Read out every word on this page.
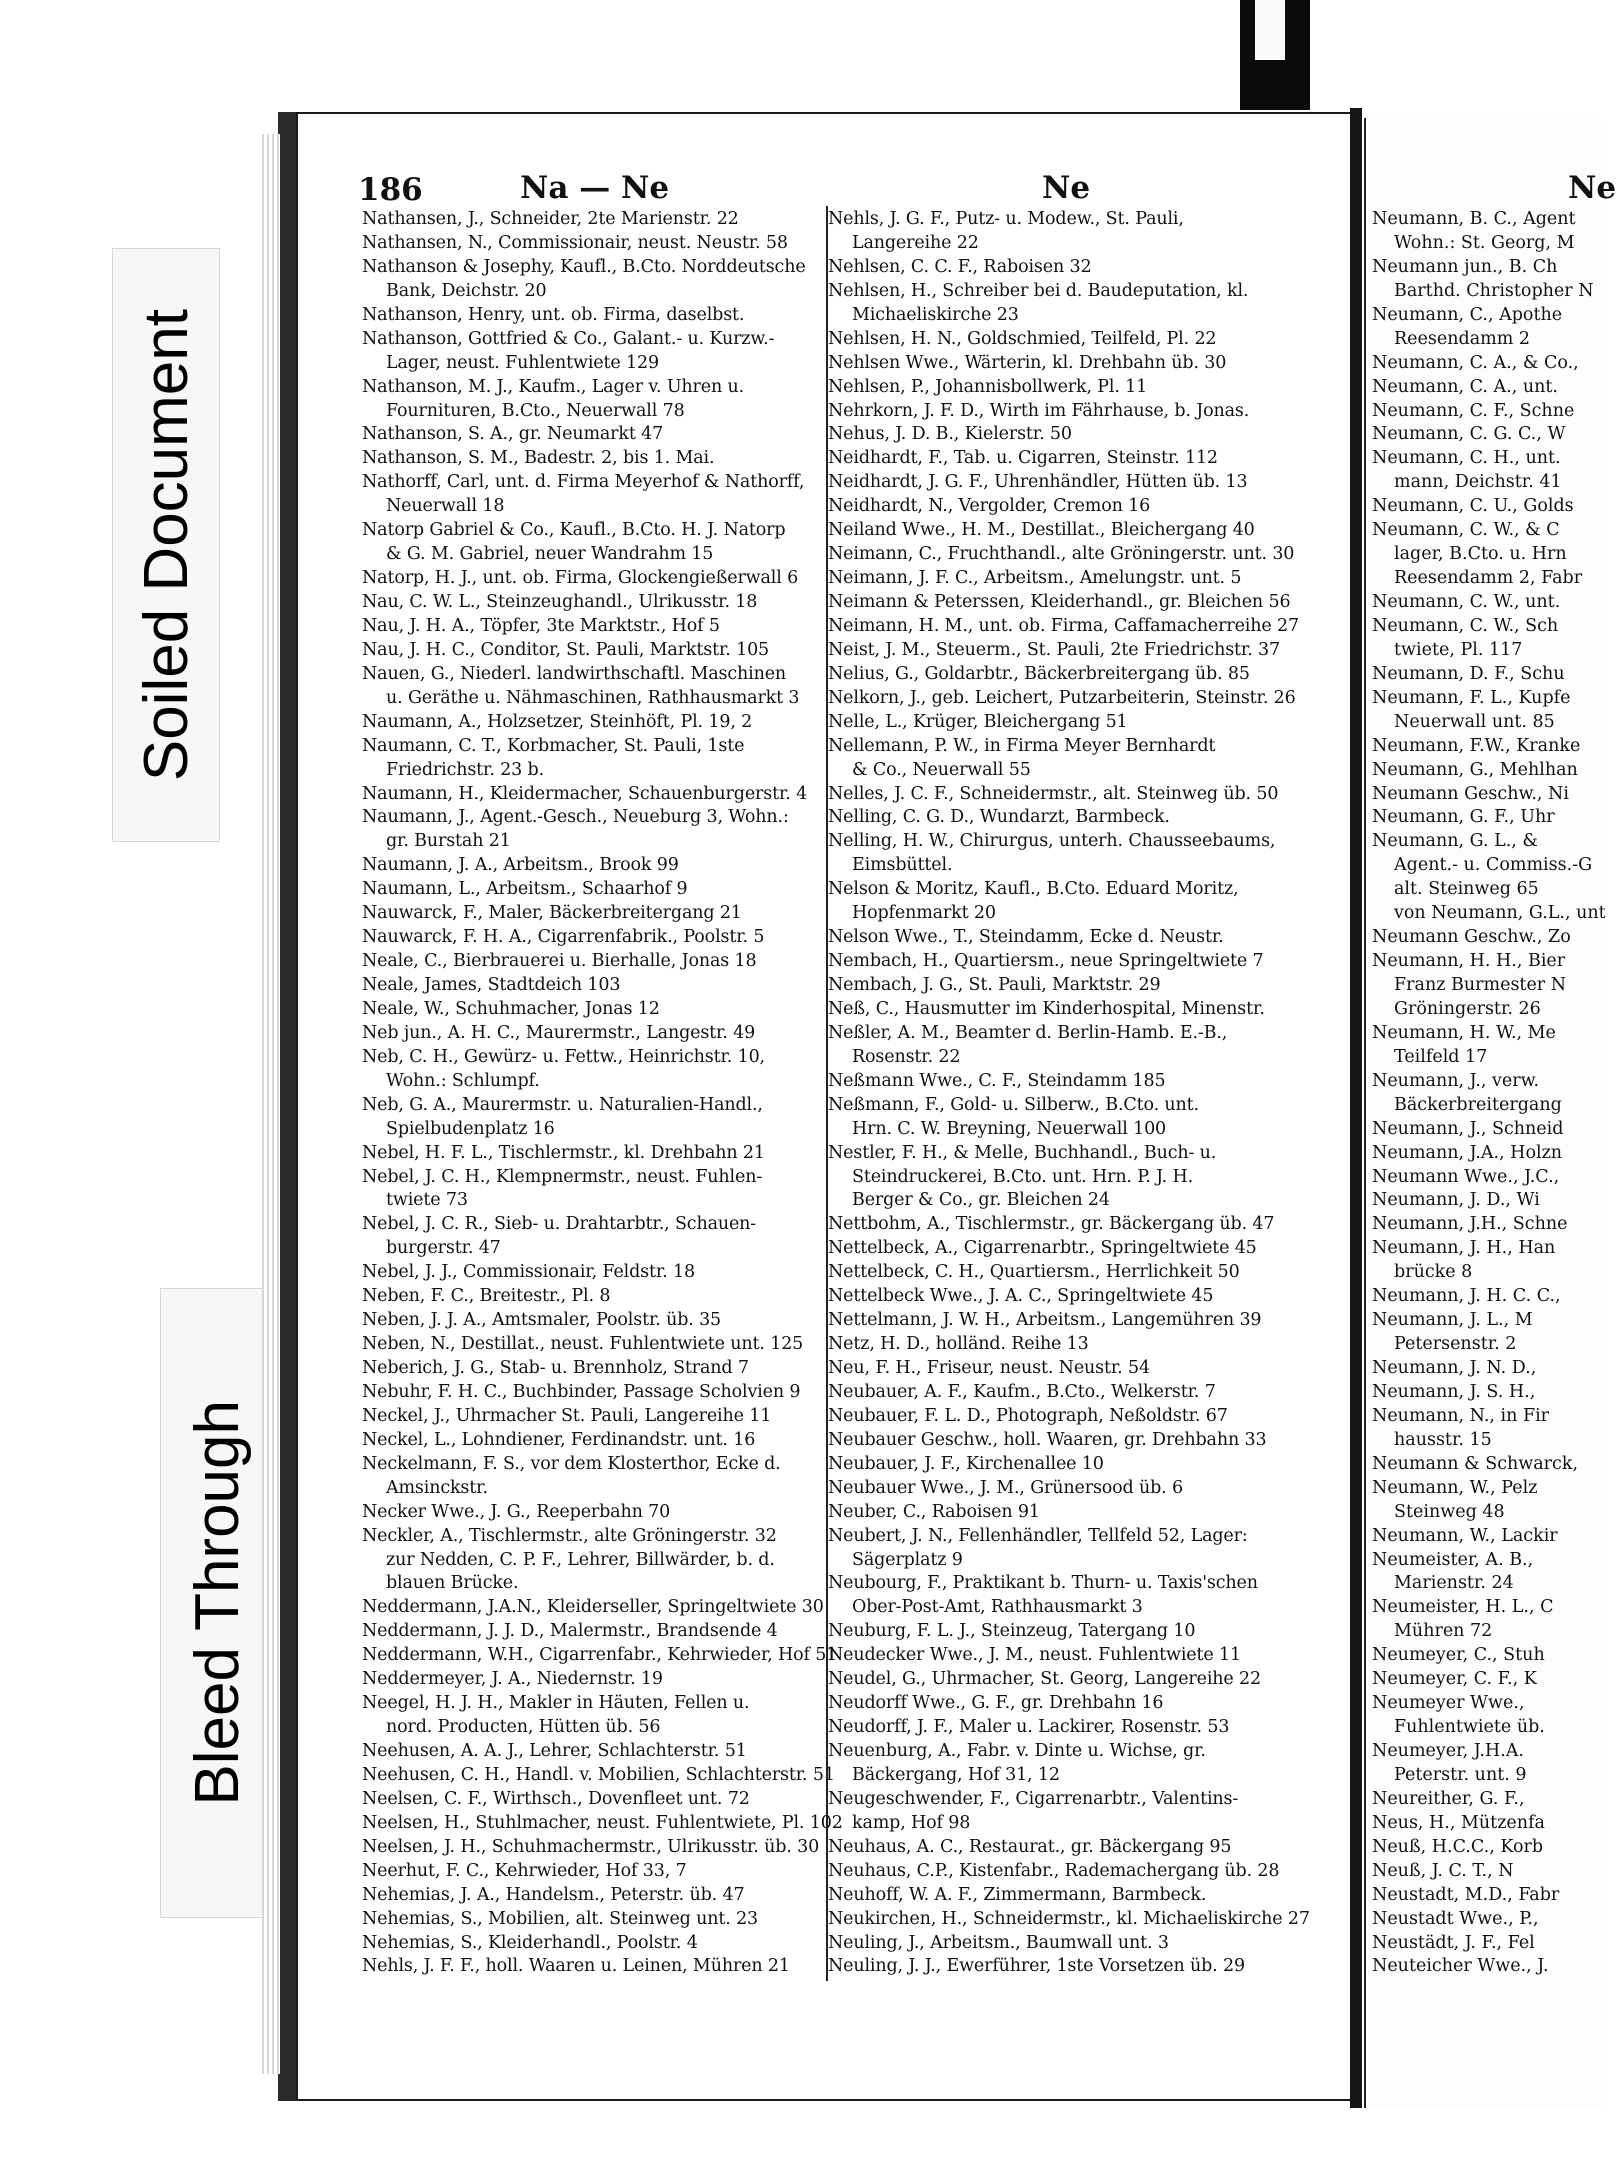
Soiled Document
Bleed Through
186	Na — Ne	Ne	Ne
Nathansen, J., Schneider, 2te Marienstr. 22
Nathansen, N., Commissionair, neust. Neustr. 58
Nathanson & Josephy, Kaufl., B.Cto. Norddeutsche
Bank, Deichstr. 20
Nathanson, Henry, unt. ob. Firma, daselbst.
Nathanson, Gottfried & Co., Galant.- u. Kurzw.-
Lager, neust. Fuhlentwiete 129
Nathanson, M. J., Kaufm., Lager v. Uhren u.
Fournituren, B.Cto., Neuerwall 78
Nathanson, S. A., gr. Neumarkt 47
Nathanson, S. M., Badestr. 2, bis 1. Mai.
Nathorff, Carl, unt. d. Firma Meyerhof & Nathorff,
Neuerwall 18
Natorp Gabriel & Co., Kaufl., B.Cto. H. J. Natorp
& G. M. Gabriel, neuer Wandrahm 15
Natorp, H. J., unt. ob. Firma, Glockengießerwall 6
Nau, C. W. L., Steinzeughandl., Ulrikusstr. 18
Nau, J. H. A., Töpfer, 3te Marktstr., Hof 5
Nau, J. H. C., Conditor, St. Pauli, Marktstr. 105
Nauen, G., Niederl. landwirthschaftl. Maschinen
u. Geräthe u. Nähmaschinen, Rathhausmarkt 3
Naumann, A., Holzsetzer, Steinhöft, Pl. 19, 2
Naumann, C. T., Korbmacher, St. Pauli, 1ste
Friedrichstr. 23 b.
Naumann, H., Kleidermacher, Schauenburgerstr. 4
Naumann, J., Agent.-Gesch., Neueburg 3, Wohn.:
gr. Burstah 21
Naumann, J. A., Arbeitsm., Brook 99
Naumann, L., Arbeitsm., Schaarhof 9
Nauwarck, F., Maler, Bäckerbreitergang 21
Nauwarck, F. H. A., Cigarrenfabrik., Poolstr. 5
Neale, C., Bierbrauerei u. Bierhalle, Jonas 18
Neale, James, Stadtdeich 103
Neale, W., Schuhmacher, Jonas 12
Neb jun., A. H. C., Maurermstr., Langestr. 49
Neb, C. H., Gewürz- u. Fettw., Heinrichstr. 10,
Wohn.: Schlumpf.
Neb, G. A., Maurermstr. u. Naturalien-Handl.,
Spielbudenplatz 16
Nebel, H. F. L., Tischlermstr., kl. Drehbahn 21
Nebel, J. C. H., Klempnermstr., neust. Fuhlen-
twiete 73
Nebel, J. C. R., Sieb- u. Drahtarbtr., Schauen-
burgerstr. 47
Nebel, J. J., Commissionair, Feldstr. 18
Neben, F. C., Breitestr., Pl. 8
Neben, J. J. A., Amtsmaler, Poolstr. üb. 35
Neben, N., Destillat., neust. Fuhlentwiete unt. 125
Neberich, J. G., Stab- u. Brennholz, Strand 7
Nebuhr, F. H. C., Buchbinder, Passage Scholvien 9
Neckel, J., Uhrmacher St. Pauli, Langereihe 11
Neckel, L., Lohndiener, Ferdinandstr. unt. 16
Neckelmann, F. S., vor dem Klosterthor, Ecke d.
Amsinckstr.
Necker Wwe., J. G., Reeperbahn 70
Neckler, A., Tischlermstr., alte Gröningerstr. 32
zur Nedden, C. P. F., Lehrer, Billwärder, b. d.
blauen Brücke.
Neddermann, J.A.N., Kleiderseller, Springeltwiete 30
Neddermann, J. J. D., Malermstr., Brandsende 4
Neddermann, W.H., Cigarrenfabr., Kehrwieder, Hof 51
Neddermeyer, J. A., Niedernstr. 19
Neegel, H. J. H., Makler in Häuten, Fellen u.
nord. Producten, Hütten üb. 56
Neehusen, A. A. J., Lehrer, Schlachterstr. 51
Neehusen, C. H., Handl. v. Mobilien, Schlachterstr. 51
Neelsen, C. F., Wirthsch., Dovenfleet unt. 72
Neelsen, H., Stuhlmacher, neust. Fuhlentwiete, Pl. 102
Neelsen, J. H., Schuhmachermstr., Ulrikusstr. üb. 30
Neerhut, F. C., Kehrwieder, Hof 33, 7
Nehemias, J. A., Handelsm., Peterstr. üb. 47
Nehemias, S., Mobilien, alt. Steinweg unt. 23
Nehemias, S., Kleiderhandl., Poolstr. 4
Nehls, J. F. F., holl. Waaren u. Leinen, Mühren 21
Nehls, J. G. F., Putz- u. Modew., St. Pauli,
Langereihe 22
Nehlsen, C. C. F., Raboisen 32
Nehlsen, H., Schreiber bei d. Baudeputation, kl.
Michaeliskirche 23
Nehlsen, H. N., Goldschmied, Teilfeld, Pl. 22
Nehlsen Wwe., Wärterin, kl. Drehbahn üb. 30
Nehlsen, P., Johannisbollwerk, Pl. 11
Nehrkorn, J. F. D., Wirth im Fährhause, b. Jonas.
Nehus, J. D. B., Kielerstr. 50
Neidhardt, F., Tab. u. Cigarren, Steinstr. 112
Neidhardt, J. G. F., Uhrenhändler, Hütten üb. 13
Neidhardt, N., Vergolder, Cremon 16
Neiland Wwe., H. M., Destillat., Bleichergang 40
Neimann, C., Fruchthandl., alte Gröningerstr. unt. 30
Neimann, J. F. C., Arbeitsm., Amelungstr. unt. 5
Neimann & Peterssen, Kleiderhandl., gr. Bleichen 56
Neimann, H. M., unt. ob. Firma, Caffamacherreihe 27
Neist, J. M., Steuerm., St. Pauli, 2te Friedrichstr. 37
Nelius, G., Goldarbtr., Bäckerbreitergang üb. 85
Nelkorn, J., geb. Leichert, Putzarbeiterin, Steinstr. 26
Nelle, L., Krüger, Bleichergang 51
Nellemann, P. W., in Firma Meyer Bernhardt
& Co., Neuerwall 55
Nelles, J. C. F., Schneidermstr., alt. Steinweg üb. 50
Nelling, C. G. D., Wundarzt, Barmbeck.
Nelling, H. W., Chirurgus, unterh. Chausseebaums,
Eimsbüttel.
Nelson & Moritz, Kaufl., B.Cto. Eduard Moritz,
Hopfenmarkt 20
Nelson Wwe., T., Steindamm, Ecke d. Neustr.
Nembach, H., Quartiersm., neue Springeltwiete 7
Nembach, J. G., St. Pauli, Marktstr. 29
Neß, C., Hausmutter im Kinderhospital, Minenstr.
Neßler, A. M., Beamter d. Berlin-Hamb. E.-B.,
Rosenstr. 22
Neßmann Wwe., C. F., Steindamm 185
Neßmann, F., Gold- u. Silberw., B.Cto. unt.
Hrn. C. W. Breyning, Neuerwall 100
Nestler, F. H., & Melle, Buchhandl., Buch- u.
Steindruckerei, B.Cto. unt. Hrn. P. J. H.
Berger & Co., gr. Bleichen 24
Nettbohm, A., Tischlermstr., gr. Bäckergang üb. 47
Nettelbeck, A., Cigarrenarbtr., Springeltwiete 45
Nettelbeck, C. H., Quartiersm., Herrlichkeit 50
Nettelbeck Wwe., J. A. C., Springeltwiete 45
Nettelmann, J. W. H., Arbeitsm., Langemühren 39
Netz, H. D., holländ. Reihe 13
Neu, F. H., Friseur, neust. Neustr. 54
Neubauer, A. F., Kaufm., B.Cto., Welkerstr. 7
Neubauer, F. L. D., Photograph, Neßoldstr. 67
Neubauer Geschw., holl. Waaren, gr. Drehbahn 33
Neubauer, J. F., Kirchenallee 10
Neubauer Wwe., J. M., Grünersood üb. 6
Neuber, C., Raboisen 91
Neubert, J. N., Fellenhändler, Tellfeld 52, Lager:
Sägerplatz 9
Neubourg, F., Praktikant b. Thurn- u. Taxis'schen
Ober-Post-Amt, Rathhausmarkt 3
Neuburg, F. L. J., Steinzeug, Tatergang 10
Neudecker Wwe., J. M., neust. Fuhlentwiete 11
Neudel, G., Uhrmacher, St. Georg, Langereihe 22
Neudorff Wwe., G. F., gr. Drehbahn 16
Neudorff, J. F., Maler u. Lackirer, Rosenstr. 53
Neuenburg, A., Fabr. v. Dinte u. Wichse, gr.
Bäckergang, Hof 31, 12
Neugeschwender, F., Cigarrenarbtr., Valentins-
kamp, Hof 98
Neuhaus, A. C., Restaurat., gr. Bäckergang 95
Neuhaus, C.P., Kistenfabr., Rademachergang üb. 28
Neuhoff, W. A. F., Zimmermann, Barmbeck.
Neukirchen, H., Schneidermstr., kl. Michaeliskirche 27
Neuling, J., Arbeitsm., Baumwall unt. 3
Neuling, J. J., Ewerführer, 1ste Vorsetzen üb. 29
Neumann, B. C., Agent
Wohn.: St. Georg, M
Neumann jun., B. Ch
Barthd. Christopher N
Neumann, C., Apothe
Reesendamm 2
Neumann, C. A., & Co.,
Neumann, C. A., unt.
Neumann, C. F., Schne
Neumann, C. G. C., W
Neumann, C. H., unt.
mann, Deichstr. 41
Neumann, C. U., Golds
Neumann, C. W., & C
lager, B.Cto. u. Hrn
Reesendamm 2, Fabr
Neumann, C. W., unt.
Neumann, C. W., Sch
twiete, Pl. 117
Neumann, D. F., Schu
Neumann, F. L., Kupfe
Neuerwall unt. 85
Neumann, F.W., Kranke
Neumann, G., Mehlhan
Neumann Geschw., Ni
Neumann, G. F., Uhr
Neumann, G. L., &
Agent.- u. Commiss.-G
alt. Steinweg 65
von Neumann, G.L., unt
Neumann Geschw., Zo
Neumann, H. H., Bier
Franz Burmester N
Gröningerstr. 26
Neumann, H. W., Me
Teilfeld 17
Neumann, J., verw.
Bäckerbreitergang
Neumann, J., Schneid
Neumann, J.A., Holzn
Neumann Wwe., J.C.,
Neumann, J. D., Wi
Neumann, J.H., Schne
Neumann, J. H., Han
brücke 8
Neumann, J. H. C. C.,
Neumann, J. L., M
Petersenstr. 2
Neumann, J. N. D.,
Neumann, J. S. H.,
Neumann, N., in Fir
hausstr. 15
Neumann & Schwarck,
Neumann, W., Pelz
Steinweg 48
Neumann, W., Lackir
Neumeister, A. B.,
Marienstr. 24
Neumeister, H. L., C
Mühren 72
Neumeyer, C., Stuh
Neumeyer, C. F., K
Neumeyer Wwe.,
Fuhlentwiete üb.
Neumeyer, J.H.A.
Peterstr. unt. 9
Neureither, G. F.,
Neus, H., Mützenfa
Neuß, H.C.C., Korb
Neuß, J. C. T., N
Neustadt, M.D., Fabr
Neustadt Wwe., P.,
Neustädt, J. F., Fel
Neuteicher Wwe., J.
